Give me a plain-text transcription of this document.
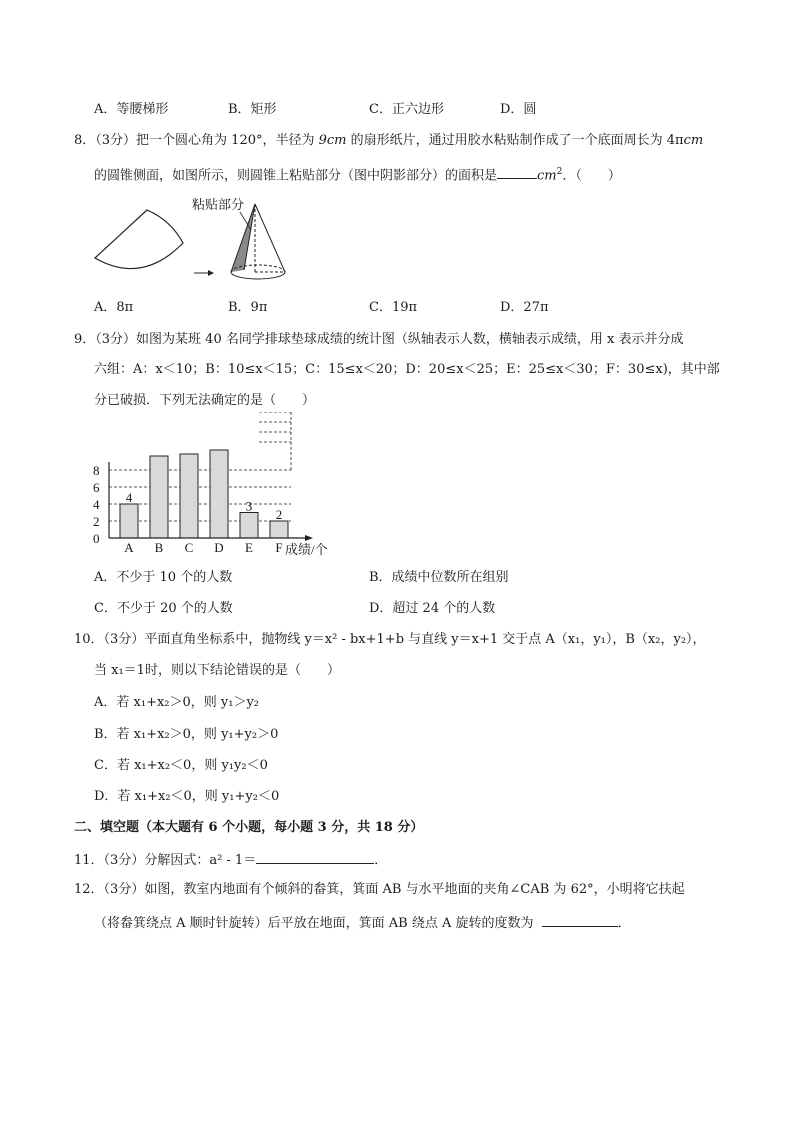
A．等腰梯形	B．矩形	C．正六边形	D．圆
8．（3分）把一个圆心角为 120°，半径为 9cm 的扇形纸片，通过用胶水粘贴制作成了一个底面周长为 4πcm
的圆锥侧面，如图所示，则圆锥上粘贴部分（图中阴影部分）的面积是	$cm^2$．（　　）
粘贴部分
A．8π	B．9π	C．19π	D．27π
9．（3分）如图为某班 40 名同学排球垫球成绩的统计图（纵轴表示人数，横轴表示成绩，用 x 表示并分成
六组：A：x＜10；B：10≤x＜15；C：15≤x＜20；D：20≤x＜25；E：25≤x＜30；F：30≤x)，其中部
分已破损．下列无法确定的是（　　）
0
2
4
6
8
4
A B C D
3
E
2
F 成绩/个
A．不少于 10 个的人数	B．成绩中位数所在组别
C．不少于 20 个的人数	D．超过 24 个的人数
10．（3分）平面直角坐标系中，抛物线 y＝x² - bx+1+b 与直线 y＝x+1 交于点 A（x₁，y₁），B（x₂，y₂），
当 x₁＝1时，则以下结论错误的是（　　）
A．若 x₁+x₂＞0，则 y₁＞y₂
B．若 x₁+x₂＞0，则 y₁+y₂＞0
C．若 x₁+x₂＜0，则 y₁y₂＜0
D．若 x₁+x₂＜0，则 y₁+y₂＜0
二、填空题（本大题有 6 个小题，每小题 3 分，共 18 分）
11．（3分）分解因式：a² - 1＝	．
12．（3分）如图，教室内地面有个倾斜的畚箕，箕面 AB 与水平地面的夹角∠CAB 为 62°，小明将它扶起
（将畚箕绕点 A 顺时针旋转）后平放在地面，箕面 AB 绕点 A 旋转的度数为	．
